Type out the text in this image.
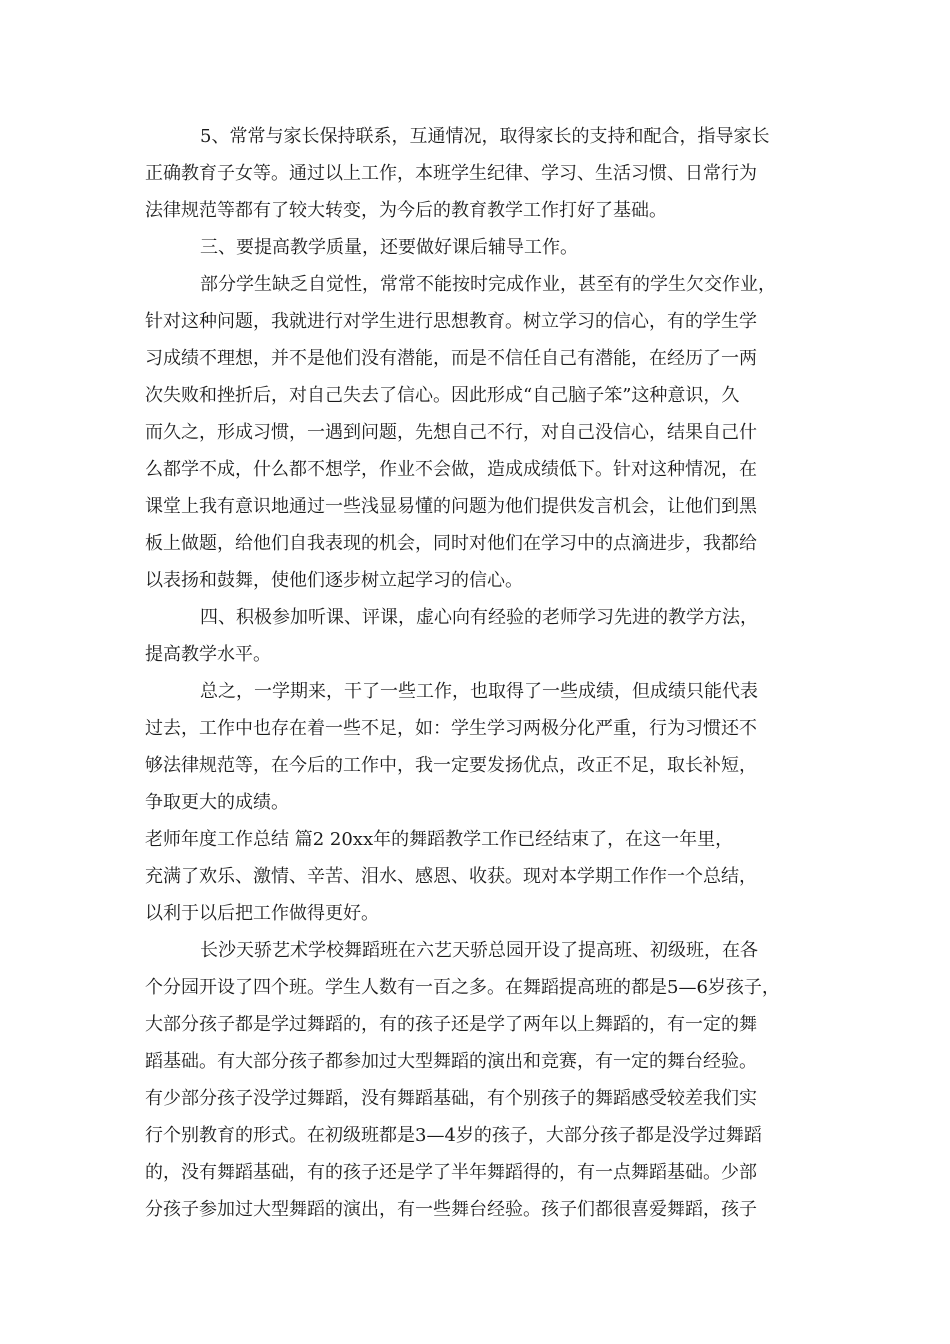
5、常常与家长保持联系，互通情况，取得家长的支持和配合，指导家长
正确教育子女等。通过以上工作，本班学生纪律、学习、生活习惯、日常行为
法律规范等都有了较大转变，为今后的教育教学工作打好了基础。
三、要提高教学质量，还要做好课后辅导工作。
部分学生缺乏自觉性，常常不能按时完成作业，甚至有的学生欠交作业，
针对这种问题，我就进行对学生进行思想教育。树立学习的信心，有的学生学
习成绩不理想，并不是他们没有潜能，而是不信任自己有潜能，在经历了一两
次失败和挫折后，对自己失去了信心。因此形成“自己脑子笨”这种意识，久
而久之，形成习惯，一遇到问题，先想自己不行，对自己没信心，结果自己什
么都学不成，什么都不想学，作业不会做，造成成绩低下。针对这种情况，在
课堂上我有意识地通过一些浅显易懂的问题为他们提供发言机会，让他们到黑
板上做题，给他们自我表现的机会，同时对他们在学习中的点滴进步，我都给
以表扬和鼓舞，使他们逐步树立起学习的信心。
四、积极参加听课、评课，虚心向有经验的老师学习先进的教学方法，
提高教学水平。
总之，一学期来，干了一些工作，也取得了一些成绩，但成绩只能代表
过去，工作中也存在着一些不足，如：学生学习两极分化严重，行为习惯还不
够法律规范等，在今后的工作中，我一定要发扬优点，改正不足，取长补短，
争取更大的成绩。
老师年度工作总结 篇2 20xx年的舞蹈教学工作已经结束了，在这一年里，
充满了欢乐、激情、辛苦、泪水、感恩、收获。现对本学期工作作一个总结，
以利于以后把工作做得更好。
长沙天骄艺术学校舞蹈班在六艺天骄总园开设了提高班、初级班，在各
个分园开设了四个班。学生人数有一百之多。在舞蹈提高班的都是5—6岁孩子，
大部分孩子都是学过舞蹈的，有的孩子还是学了两年以上舞蹈的，有一定的舞
蹈基础。有大部分孩子都参加过大型舞蹈的演出和竞赛，有一定的舞台经验。
有少部分孩子没学过舞蹈，没有舞蹈基础，有个别孩子的舞蹈感受较差我们实
行个别教育的形式。在初级班都是3—4岁的孩子，大部分孩子都是没学过舞蹈
的，没有舞蹈基础，有的孩子还是学了半年舞蹈得的，有一点舞蹈基础。少部
分孩子参加过大型舞蹈的演出，有一些舞台经验。孩子们都很喜爱舞蹈，孩子
